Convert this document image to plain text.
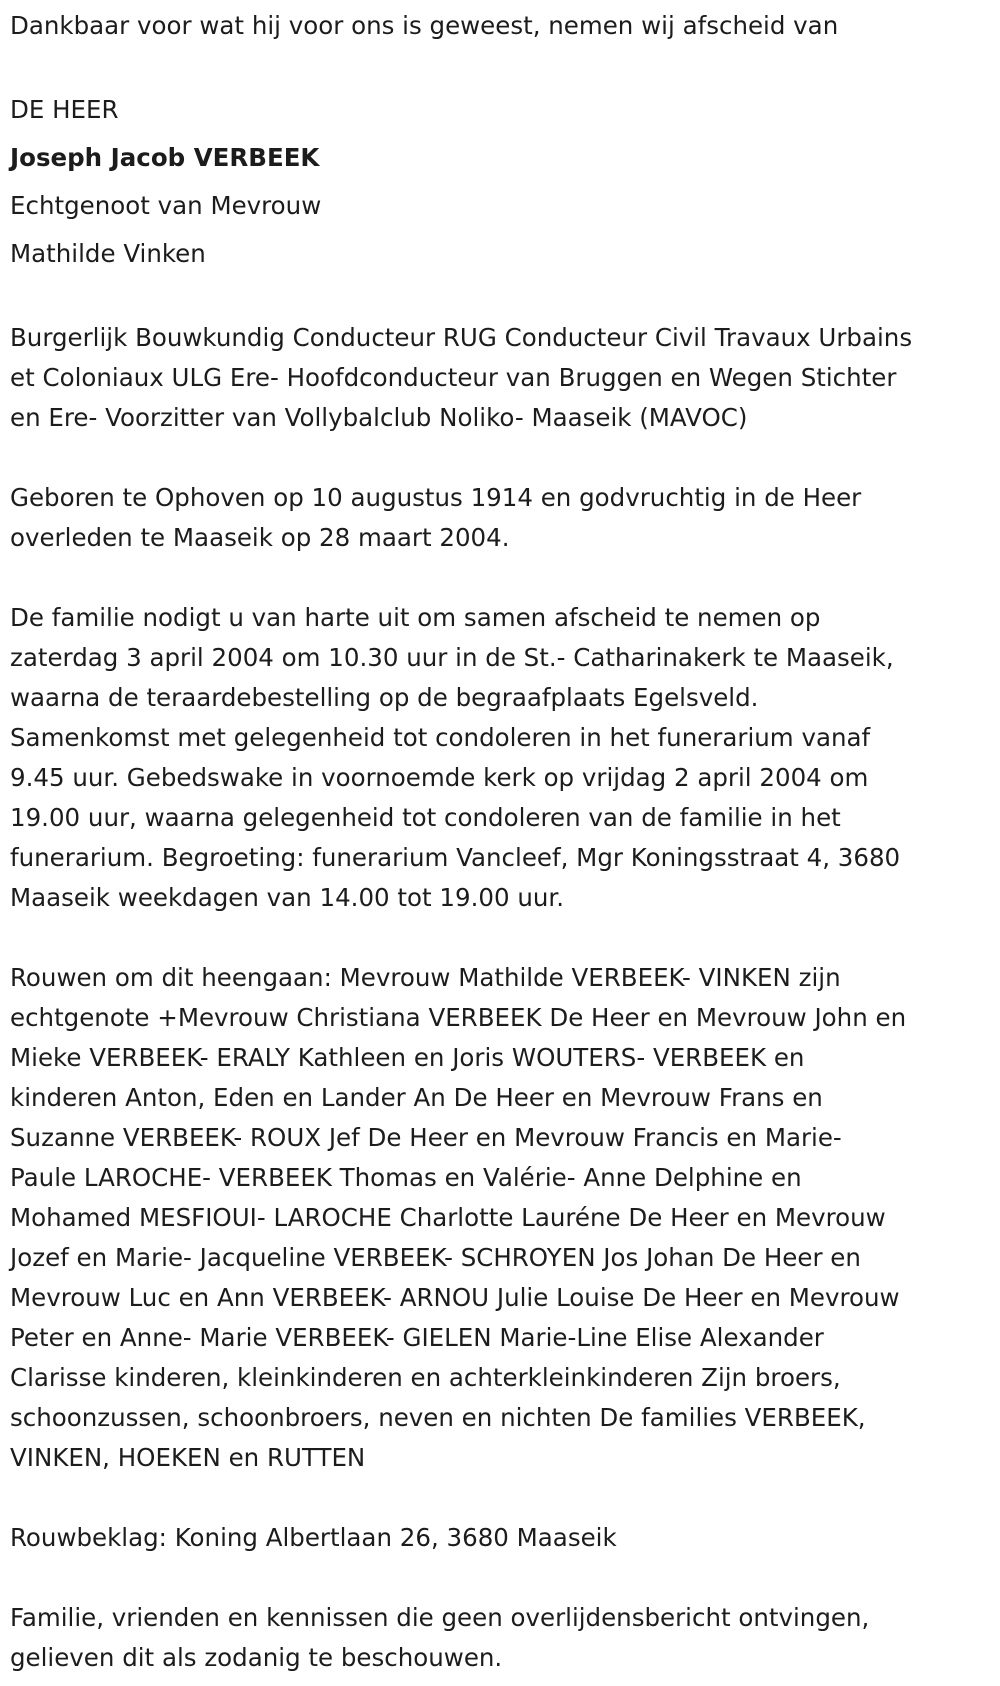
Dankbaar voor wat hij voor ons is geweest, nemen wij afscheid van
DE HEER
Joseph Jacob VERBEEK
Echtgenoot van Mevrouw
Mathilde Vinken
Burgerlijk Bouwkundig Conducteur RUG Conducteur Civil Travaux Urbains
et Coloniaux ULG Ere- Hoofdconducteur van Bruggen en Wegen Stichter
en Ere- Voorzitter van Vollybalclub Noliko- Maaseik (MAVOC)
Geboren te Ophoven op 10 augustus 1914 en godvruchtig in de Heer
overleden te Maaseik op 28 maart 2004.
De familie nodigt u van harte uit om samen afscheid te nemen op
zaterdag 3 april 2004 om 10.30 uur in de St.- Catharinakerk te Maaseik,
waarna de teraardebestelling op de begraafplaats Egelsveld.
Samenkomst met gelegenheid tot condoleren in het funerarium vanaf
9.45 uur. Gebedswake in voornoemde kerk op vrijdag 2 april 2004 om
19.00 uur, waarna gelegenheid tot condoleren van de familie in het
funerarium. Begroeting: funerarium Vancleef, Mgr Koningsstraat 4, 3680
Maaseik weekdagen van 14.00 tot 19.00 uur.
Rouwen om dit heengaan: Mevrouw Mathilde VERBEEK- VINKEN zijn
echtgenote +Mevrouw Christiana VERBEEK De Heer en Mevrouw John en
Mieke VERBEEK- ERALY Kathleen en Joris WOUTERS- VERBEEK en
kinderen Anton, Eden en Lander An De Heer en Mevrouw Frans en
Suzanne VERBEEK- ROUX Jef De Heer en Mevrouw Francis en Marie-
Paule LAROCHE- VERBEEK Thomas en Valérie- Anne Delphine en
Mohamed MESFIOUI- LAROCHE Charlotte Lauréne De Heer en Mevrouw
Jozef en Marie- Jacqueline VERBEEK- SCHROYEN Jos Johan De Heer en
Mevrouw Luc en Ann VERBEEK- ARNOU Julie Louise De Heer en Mevrouw
Peter en Anne- Marie VERBEEK- GIELEN Marie-Line Elise Alexander
Clarisse kinderen, kleinkinderen en achterkleinkinderen Zijn broers,
schoonzussen, schoonbroers, neven en nichten De families VERBEEK,
VINKEN, HOEKEN en RUTTEN
Rouwbeklag: Koning Albertlaan 26, 3680 Maaseik
Familie, vrienden en kennissen die geen overlijdensbericht ontvingen,
gelieven dit als zodanig te beschouwen.
